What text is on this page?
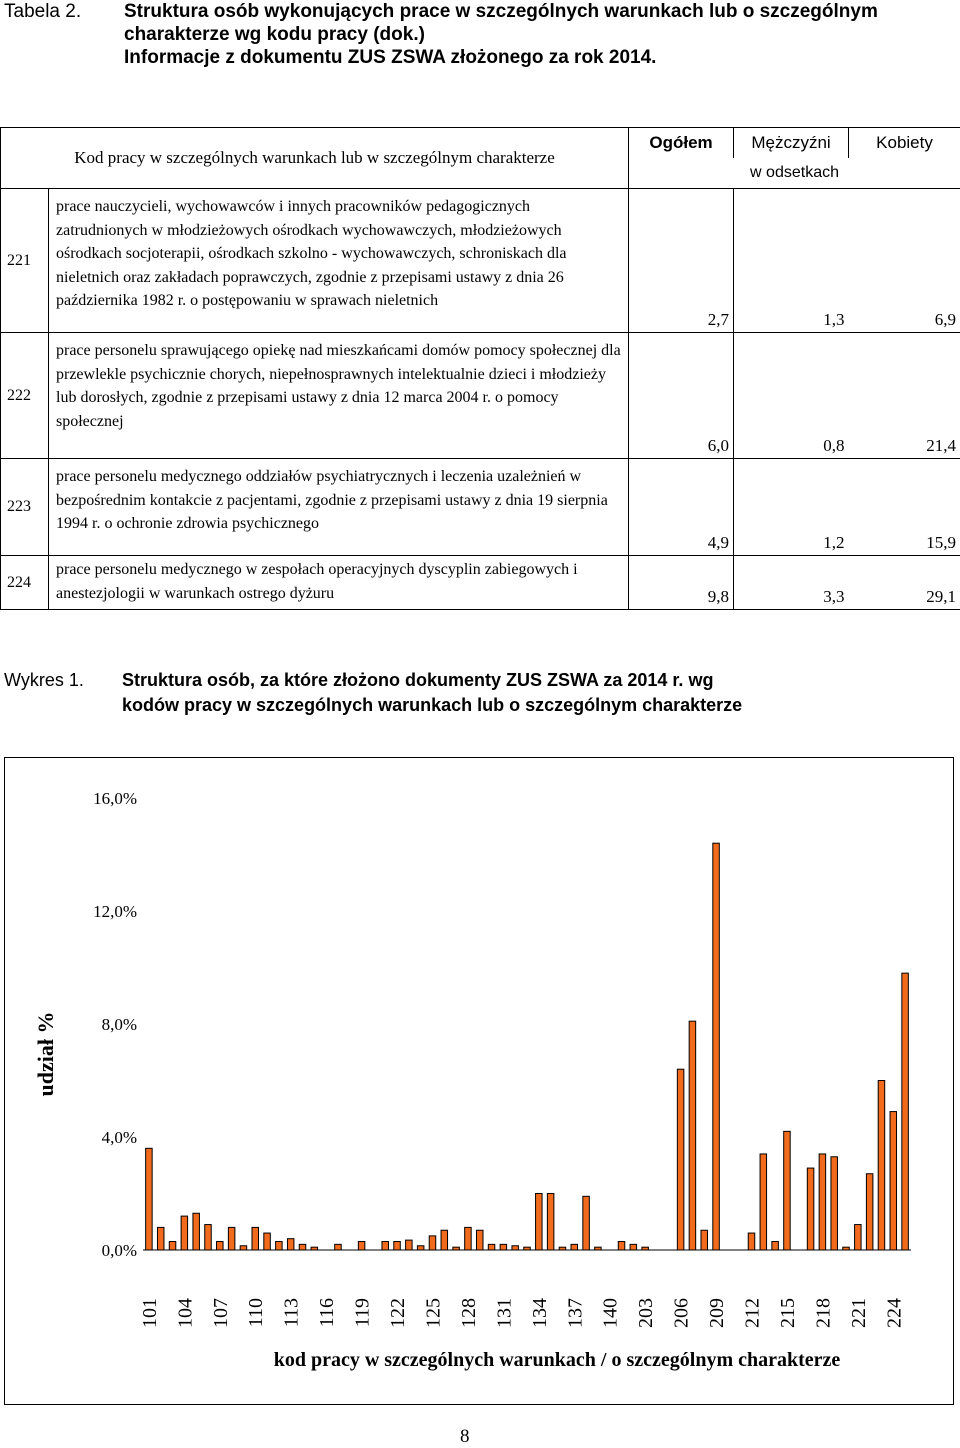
Tabela 2. Struktura osób wykonujących prace w szczególnych warunkach lub o szczególnym
charakterze wg kodu pracy (dok.)
Informacje z dokumentu ZUS ZSWA złożonego za rok 2014.
Kod pracy w szczególnych warunkach lub w szczególnym charakterze		Ogółem	Mężczyźni	Kobiety
		w odsetkach		
221	prace nauczycieli, wychowawców i innych pracowników pedagogicznych zatrudnionych w młodzieżowych ośrodkach wychowawczych, młodzieżowych ośrodkach socjoterapii, ośrodkach szkolno - wychowawczych, schroniskach dla nieletnich oraz zakładach poprawczych, zgodnie z przepisami ustawy z dnia 26 października 1982 r. o postępowaniu w sprawach nieletnich	2,7	1,3	6,9
222	prace personelu sprawującego opiekę nad mieszkańcami domów pomocy społecznej dla przewlekle psychicznie chorych, niepełnosprawnych intelektualnie dzieci i młodzieży lub dorosłych, zgodnie z przepisami ustawy z dnia 12 marca 2004 r. o pomocy społecznej	6,0	0,8	21,4
223	prace personelu medycznego oddziałów psychiatrycznych i leczenia uzależnień w bezpośrednim kontakcie z pacjentami, zgodnie z przepisami ustawy z dnia 19 sierpnia 1994 r. o ochronie zdrowia psychicznego	4,9	1,2	15,9
224	prace personelu medycznego w zespołach operacyjnych dyscyplin zabiegowych i anestezjologii w warunkach ostrego dyżuru	9,8	3,3	29,1
Wykres 1. Struktura osób, za które złożono dokumenty ZUS ZSWA za 2014 r. wg
kodów pracy w szczególnych warunkach lub o szczególnym charakterze
0,0%
4,0%
8,0%
12,0%
16,0%
udział %
101 104 107 110 113 116 119 122 125 128 131 134 137 140 203 206 209 212 215 218 221 224
kod pracy w szczególnych warunkach / o szczególnym charakterze
8
